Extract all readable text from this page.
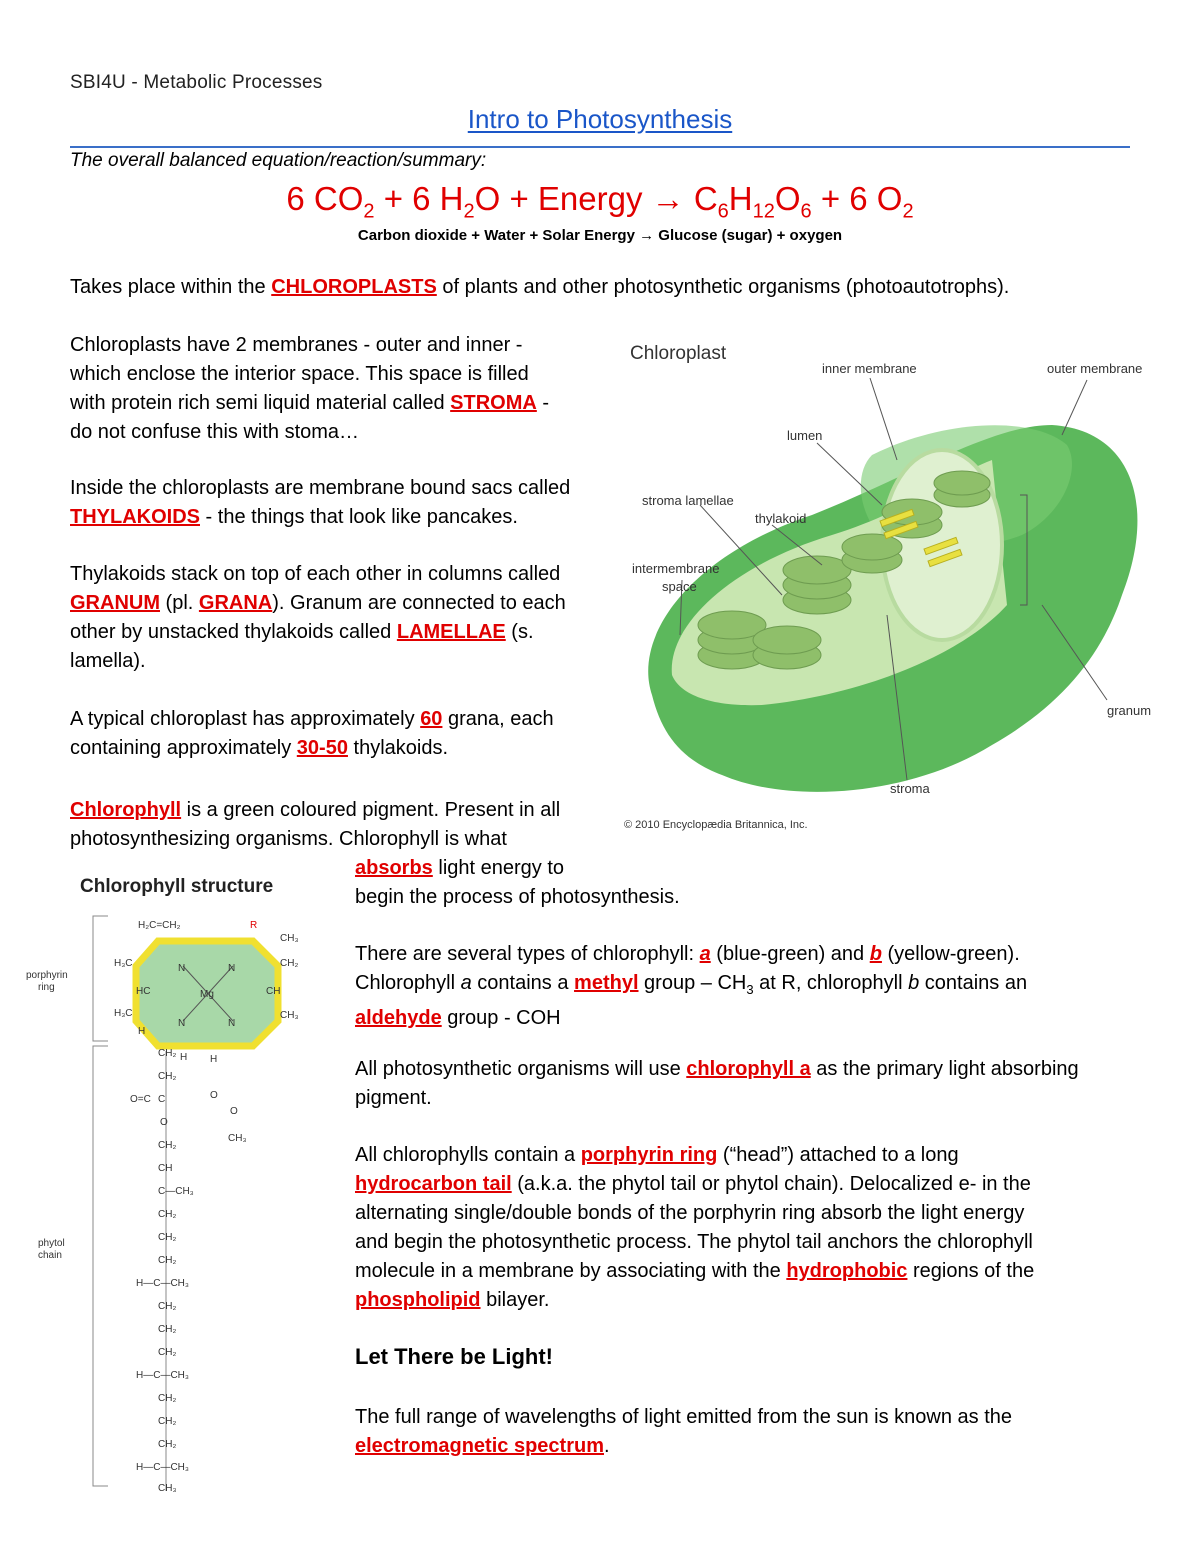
SBI4U - Metabolic Processes
Intro to Photosynthesis
The overall balanced equation/reaction/summary:
6 $CO_2 + 6$ $H_2O$ + Energy → $C_6H_{12}O_6 + 6$ $O_2$
Carbon dioxide + Water + Solar Energy → Glucose (sugar) + oxygen
Takes place within the CHLOROPLASTS of plants and other photosynthetic organisms (photoautotrophs).
Chloroplasts have 2 membranes - outer and inner -
which enclose the interior space. This space is filled
with protein rich semi liquid material called STROMA -
do not confuse this with stoma…
Inside the chloroplasts are membrane bound sacs called
THYLAKOIDS - the things that look like pancakes.
Thylakoids stack on top of each other in columns called
GRANUM (pl. GRANA). Granum are connected to each
other by unstacked thylakoids called LAMELLAE (s.
lamella).
A typical chloroplast has approximately 60 grana, each
containing approximately 30-50 thylakoids.
Chlorophyll is a green coloured pigment. Present in all
photosynthesizing organisms. Chlorophyll is what
absorbs light energy to
begin the process of photosynthesis.
There are several types of chlorophyll: a (blue-green) and b (yellow-green).
Chlorophyll a contains a methyl group – $CH_3$ at R, chlorophyll b contains an
aldehyde group - COH
All photosynthetic organisms will use chlorophyll a as the primary light absorbing
pigment.
All chlorophylls contain a porphyrin ring (“head”) attached to a long
hydrocarbon tail (a.k.a. the phytol tail or phytol chain). Delocalized e- in the
alternating single/double bonds of the porphyrin ring absorb the light energy
and begin the photosynthetic process. The phytol tail anchors the chlorophyll
molecule in a membrane by associating with the hydrophobic regions of the
phospholipid bilayer.
Let There be Light!
The full range of wavelengths of light emitted from the sun is known as the
electromagnetic spectrum.
Chloroplast
inner membrane	outer membrane
lumen
stroma lamellae
thylakoid
intermembrane
space
granum
stroma
© 2010 Encyclopædia Britannica, Inc.
Chlorophyll structure
porphyrin
ring
phytol
chain
Mg
N	N
N	N
H₂C=CH₂	R
CH₃
H₃C	CH₂
HC	CH
H₃C	CH₃
H
H H
O
O
CH₃
CH₂
CH₂
C
O=C
O
CH₂
CH
C—CH₃
CH₂
CH₂
CH₂
H—C—CH₃
CH₂
CH₂
CH₂
H—C—CH₃
CH₂
CH₂
CH₂
H—C—CH₃
CH₃
